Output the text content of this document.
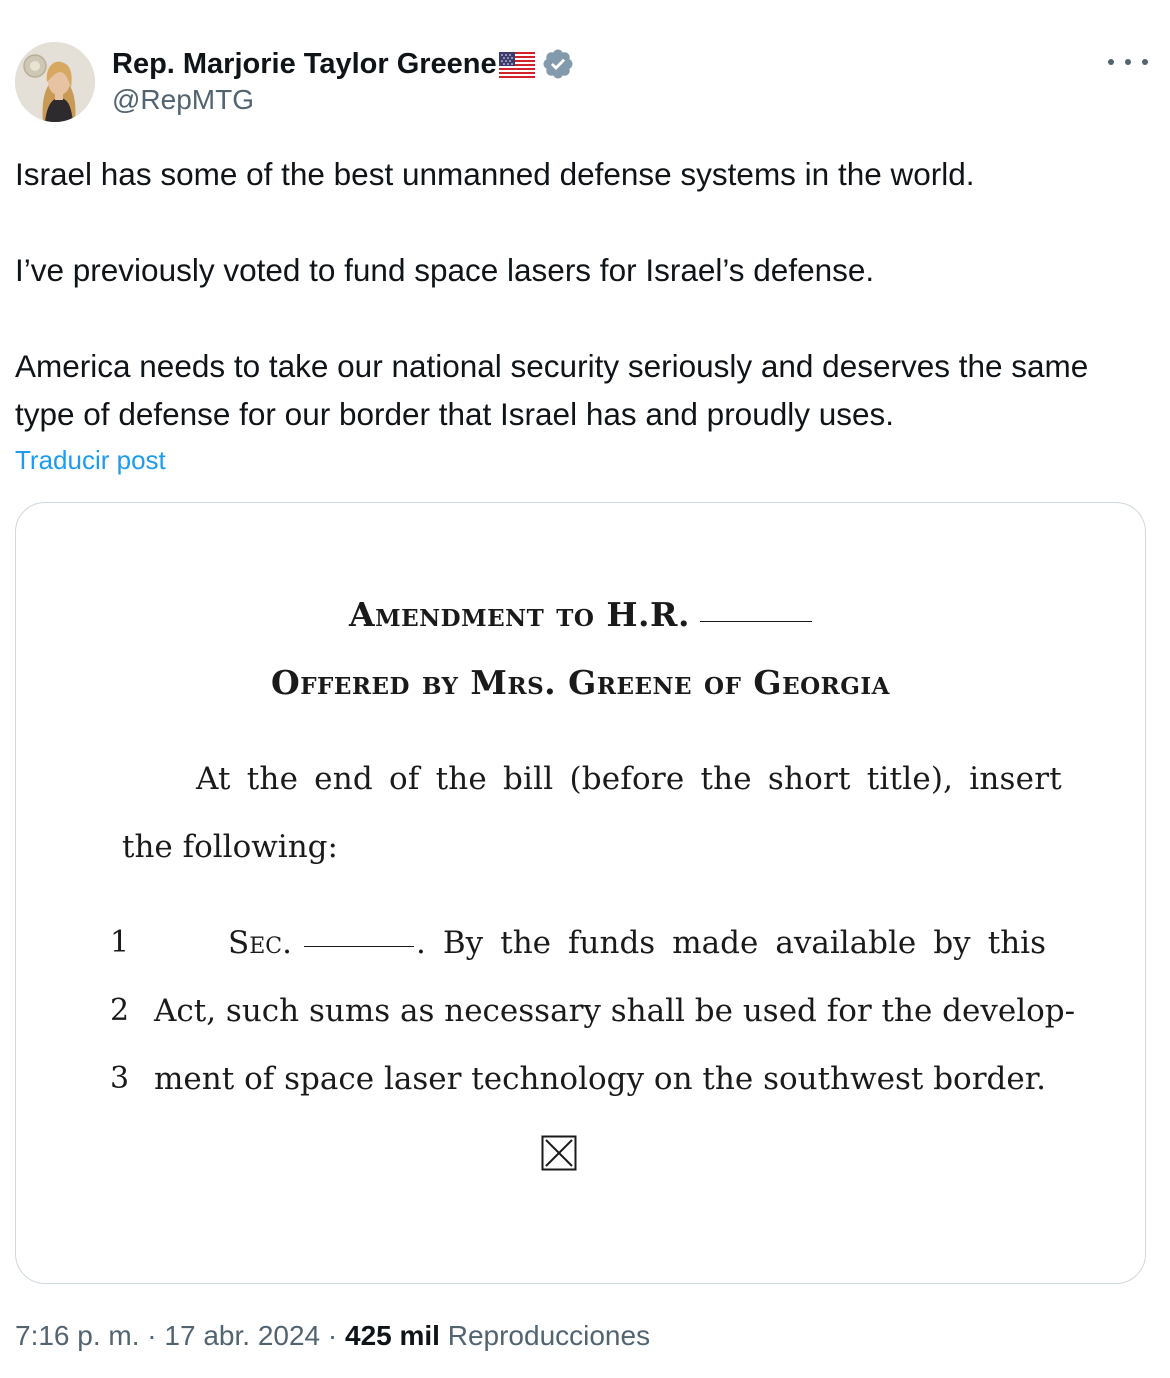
Rep. Marjorie Taylor Greene
@RepMTG

Israel has some of the best unmanned defense systems in the world.

I’ve previously voted to fund space lasers for Israel’s defense.

America needs to take our national security seriously and deserves the same type of defense for our border that Israel has and proudly uses.

Traducir post
Amendment to H.R.
Offered by Mrs. Greene of Georgia
At the end of the bill (before the short title), insert
the following:
1	Sec.	. By the funds made available by this
2 Act, such sums as necessary shall be used for the develop-
3 ment of space laser technology on the southwest border.
7:16 p. m. · 17 abr. 2024 · 425 mil Reproducciones
